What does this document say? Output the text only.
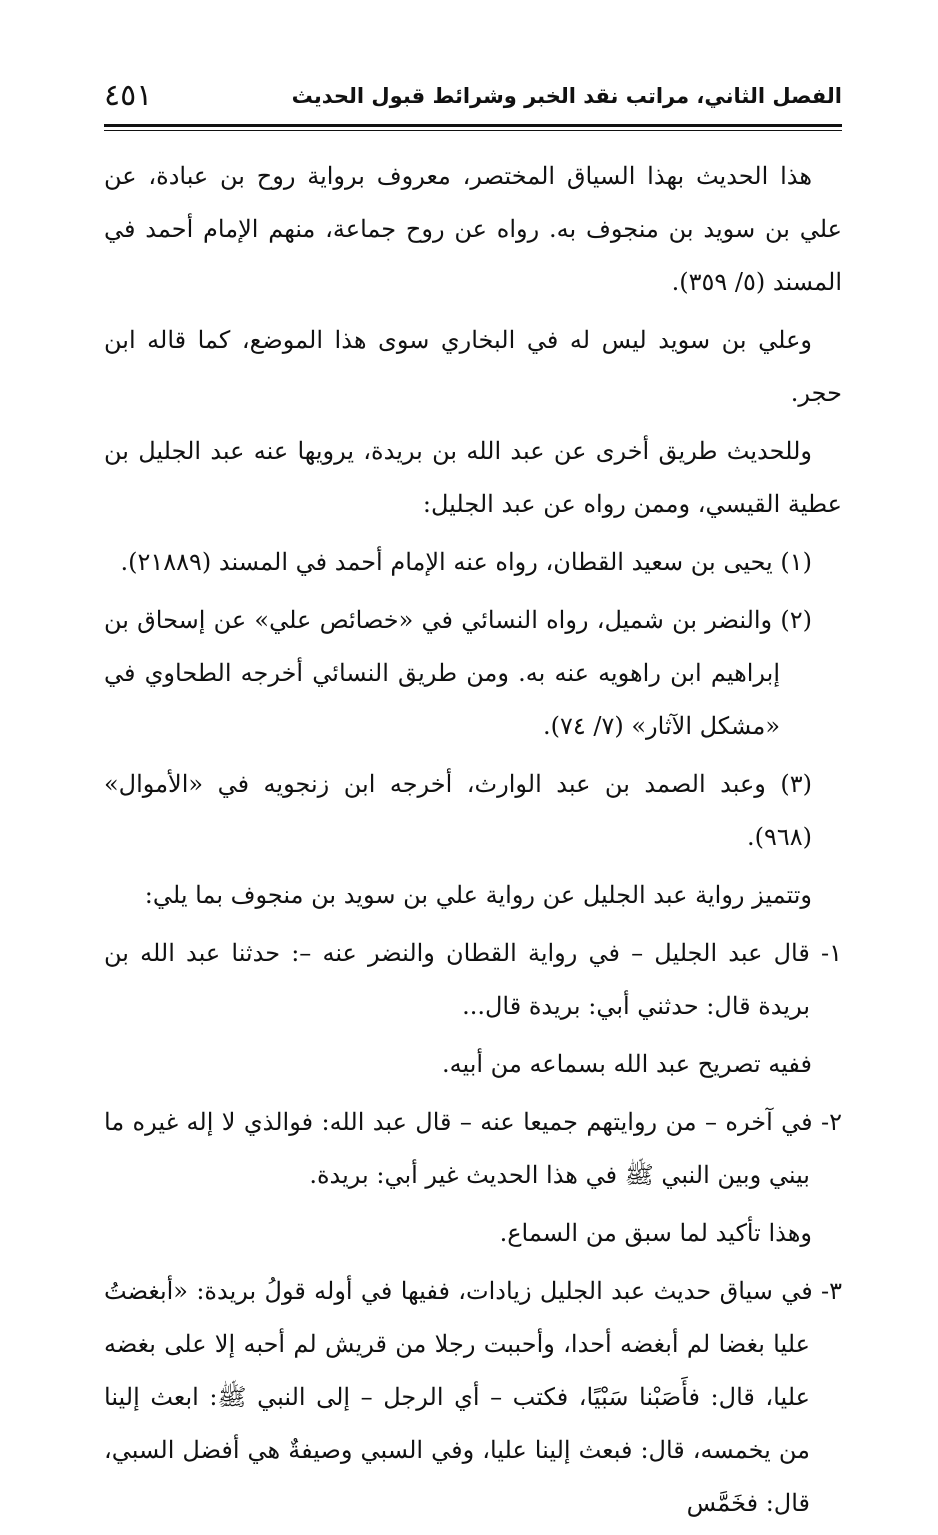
الفصل الثاني، مراتب نقد الخبر وشرائط قبول الحديث
٤٥١

هذا الحديث بهذا السياق المختصر، معروف برواية روح بن عبادة، عن علي بن سويد بن منجوف به. رواه عن روح جماعة، منهم الإمام أحمد في المسند (٥/ ٣٥٩).

وعلي بن سويد ليس له في البخاري سوى هذا الموضع، كما قاله ابن حجر.

وللحديث طريق أخرى عن عبد الله بن بريدة، يرويها عنه عبد الجليل بن عطية القيسي، وممن رواه عن عبد الجليل:

(١) يحيى بن سعيد القطان، رواه عنه الإمام أحمد في المسند (٢١٨٨٩).

(٢) والنضر بن شميل، رواه النسائي في «خصائص علي» عن إسحاق بن إبراهيم ابن راهويه عنه به. ومن طريق النسائي أخرجه الطحاوي في «مشكل الآثار» (٧/ ٧٤).

(٣) وعبد الصمد بن عبد الوارث، أخرجه ابن زنجويه في «الأموال» (٩٦٨).

وتتميز رواية عبد الجليل عن رواية علي بن سويد بن منجوف بما يلي:

١- قال عبد الجليل – في رواية القطان والنضر عنه –: حدثنا عبد الله بن بريدة قال: حدثني أبي: بريدة قال...

ففيه تصريح عبد الله بسماعه من أبيه.

٢- في آخره – من روايتهم جميعا عنه – قال عبد الله: فوالذي لا إله غيره ما بيني وبين النبي ﷺ في هذا الحديث غير أبي: بريدة.

وهذا تأكيد لما سبق من السماع.

٣- في سياق حديث عبد الجليل زيادات، ففيها في أوله قولُ بريدة: «أبغضتُ عليا بغضا لم أبغضه أحدا، وأحببت رجلا من قريش لم أحبه إلا على بغضه عليا، قال: فأَصَبْنا سَبْيًا، فكتب – أي الرجل – إلى النبي ﷺ: ابعث إلينا من يخمسه، قال: فبعث إلينا عليا، وفي السبي وصيفةٌ هي أفضل السبي، قال: فخَمَّس
